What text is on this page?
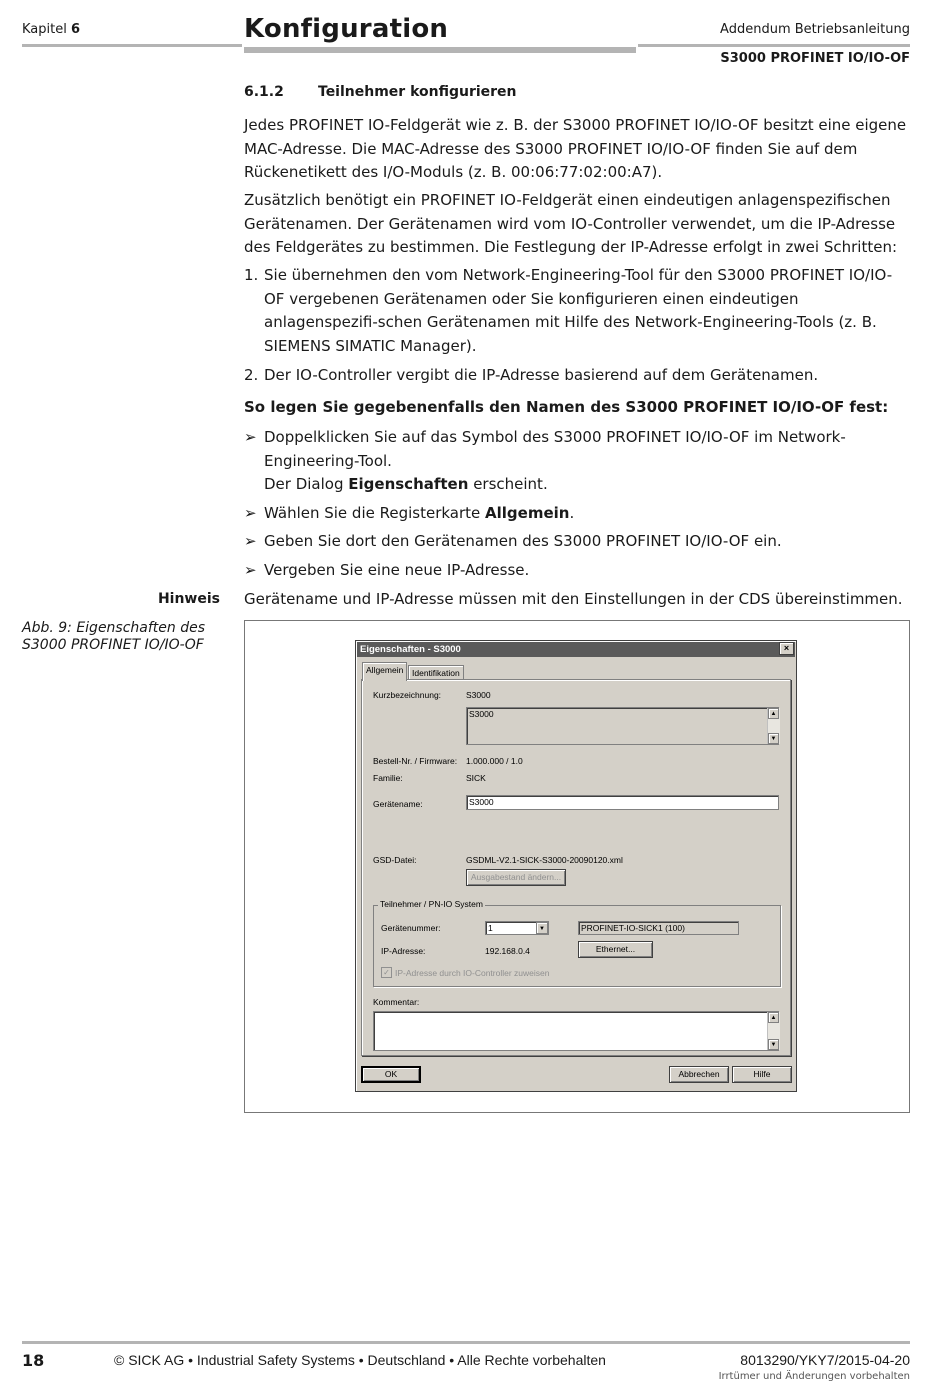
Kapitel 6	Konfiguration	Addendum Betriebsanleitung
S3000 PROFINET IO/IO-OF
6.1.2 Teilnehmer konfigurieren
Jedes PROFINET IO-Feldgerät wie z. B. der S3000 PROFINET IO/IO-OF besitzt eine eigene MAC-Adresse. Die MAC-Adresse des S3000 PROFINET IO/IO-OF finden Sie auf dem Rückenetikett des I/O-Moduls (z. B. 00:06:77:02:00:A7).
Zusätzlich benötigt ein PROFINET IO-Feldgerät einen eindeutigen anlagenspezifischen Gerätenamen. Der Gerätenamen wird vom IO-Controller verwendet, um die IP-Adresse des Feldgerätes zu bestimmen. Die Festlegung der IP-Adresse erfolgt in zwei Schritten:
1. Sie übernehmen den vom Network-Engineering-Tool für den S3000 PROFINET IO/IO-OF vergebenen Gerätenamen oder Sie konfigurieren einen eindeutigen anlagenspezifi-schen Gerätenamen mit Hilfe des Network-Engineering-Tools (z. B. SIEMENS SIMATIC Manager).
2. Der IO-Controller vergibt die IP-Adresse basierend auf dem Gerätenamen.
So legen Sie gegebenenfalls den Namen des S3000 PROFINET IO/IO-OF fest:
➢ Doppelklicken Sie auf das Symbol des S3000 PROFINET IO/IO-OF im Network-Engineering-Tool.
Der Dialog Eigenschaften erscheint.
➢ Wählen Sie die Registerkarte Allgemein.
➢ Geben Sie dort den Gerätenamen des S3000 PROFINET IO/IO-OF ein.
➢ Vergeben Sie eine neue IP-Adresse.
Hinweis Gerätename und IP-Adresse müssen mit den Einstellungen in der CDS übereinstimmen.
Abb. 9: Eigenschaften des S3000 PROFINET IO/IO-OF	Eigenschaften - S3000	×
Allgemein	Identifikation
Kurzbezeichnung:	S3000
S3000	▲
▼
Bestell-Nr. / Firmware: 1.000.000 / 1.0
Familie:	SICK
Gerätename:	S3000
GSD-Datei:	GSDML-V2.1-SICK-S3000-20090120.xml
Ausgabestand ändern...
Teilnehmer / PN-IO System
Gerätenummer:	1	▼	PROFINET-IO-SICK1 (100)
IP-Adresse:	192.168.0.4	Ethernet...
✓ IP-Adresse durch IO-Controller zuweisen
Kommentar:
▲
▼
OK	Abbrechen	Hilfe
18	© SICK AG • Industrial Safety Systems • Deutschland • Alle Rechte vorbehalten	8013290/YKY7/2015-04-20
Irrtümer und Änderungen vorbehalten
